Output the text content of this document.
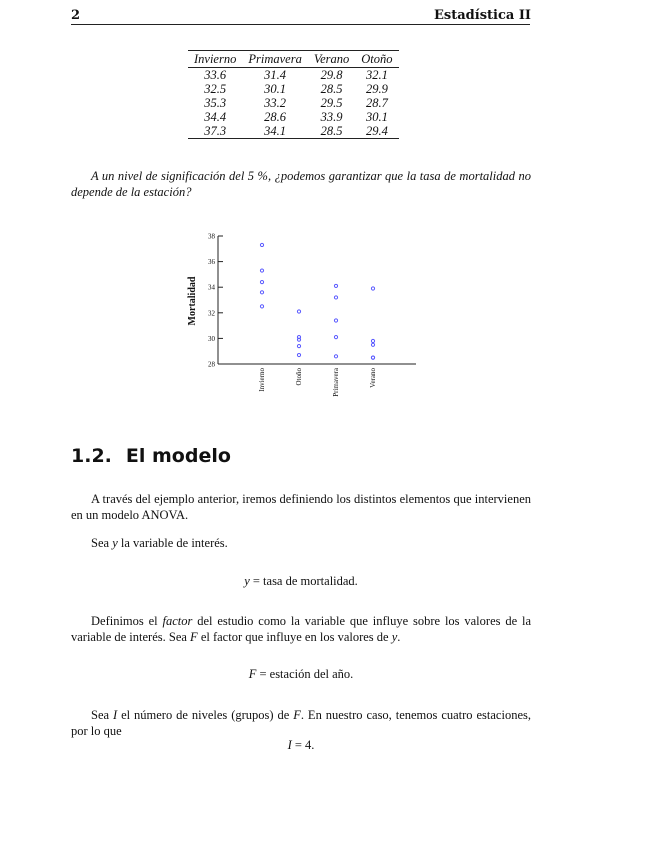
2	Estadística II
Invierno	Primavera	Verano	Otoño
33.6	31.4	29.8	32.1
32.5	30.1	28.5	29.9
35.3	33.2	29.5	28.7
34.4	28.6	33.9	30.1
37.3	34.1	28.5	29.4
A un nivel de significación del 5 %, ¿podemos garantizar que la tasa de mortalidad no depende de la estación?
Mortalidad
28
30
32
34
36
38
Invierno	Otoño	Primavera	Verano
1.2. El modelo
A través del ejemplo anterior, iremos definiendo los distintos elementos que intervienen en un modelo ANOVA.
Sea y la variable de interés.
y = tasa de mortalidad.
Definimos el factor del estudio como la variable que influye sobre los valores de la variable de interés. Sea F el factor que influye en los valores de y.
F = estación del año.
Sea I el número de niveles (grupos) de F. En nuestro caso, tenemos cuatro estaciones, por lo que
I = 4.
